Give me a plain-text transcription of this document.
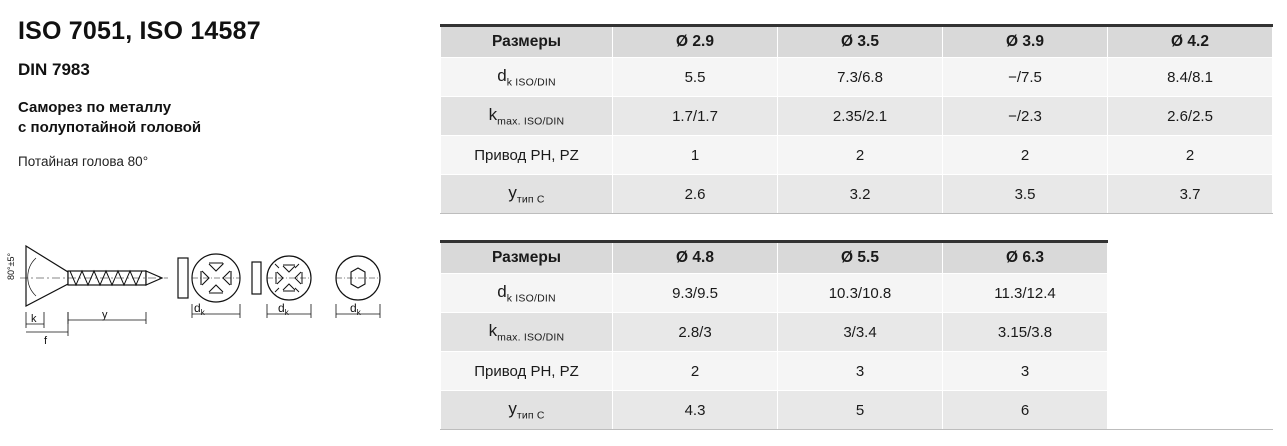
ISO 7051, ISO 14587
DIN 7983
Саморез по металлу
с полупотайной головой
Потайная голова 80°
80°±5°
k
f
y	$d_k$	$d_k$	$d_k$
Размеры	Ø 2.9	Ø 3.5	Ø 3.9	Ø 4.2
$d_{k ISO/DIN}$	5.5	7.3/6.8	−/7.5	8.4/8.1
$k_{max. ISO/DIN}$	1.7/1.7	2.35/2.1	−/2.3	2.6/2.5
Привод PH, PZ	1	2	2	2
$y_{тип C}$	2.6	3.2	3.5	3.7
Размеры	Ø 4.8	Ø 5.5	Ø 6.3	
$d_{k ISO/DIN}$	9.3/9.5	10.3/10.8	11.3/12.4	
$k_{max. ISO/DIN}$	2.8/3	3/3.4	3.15/3.8	
Привод PH, PZ	2	3	3	
$y_{тип C}$	4.3	5	6	
